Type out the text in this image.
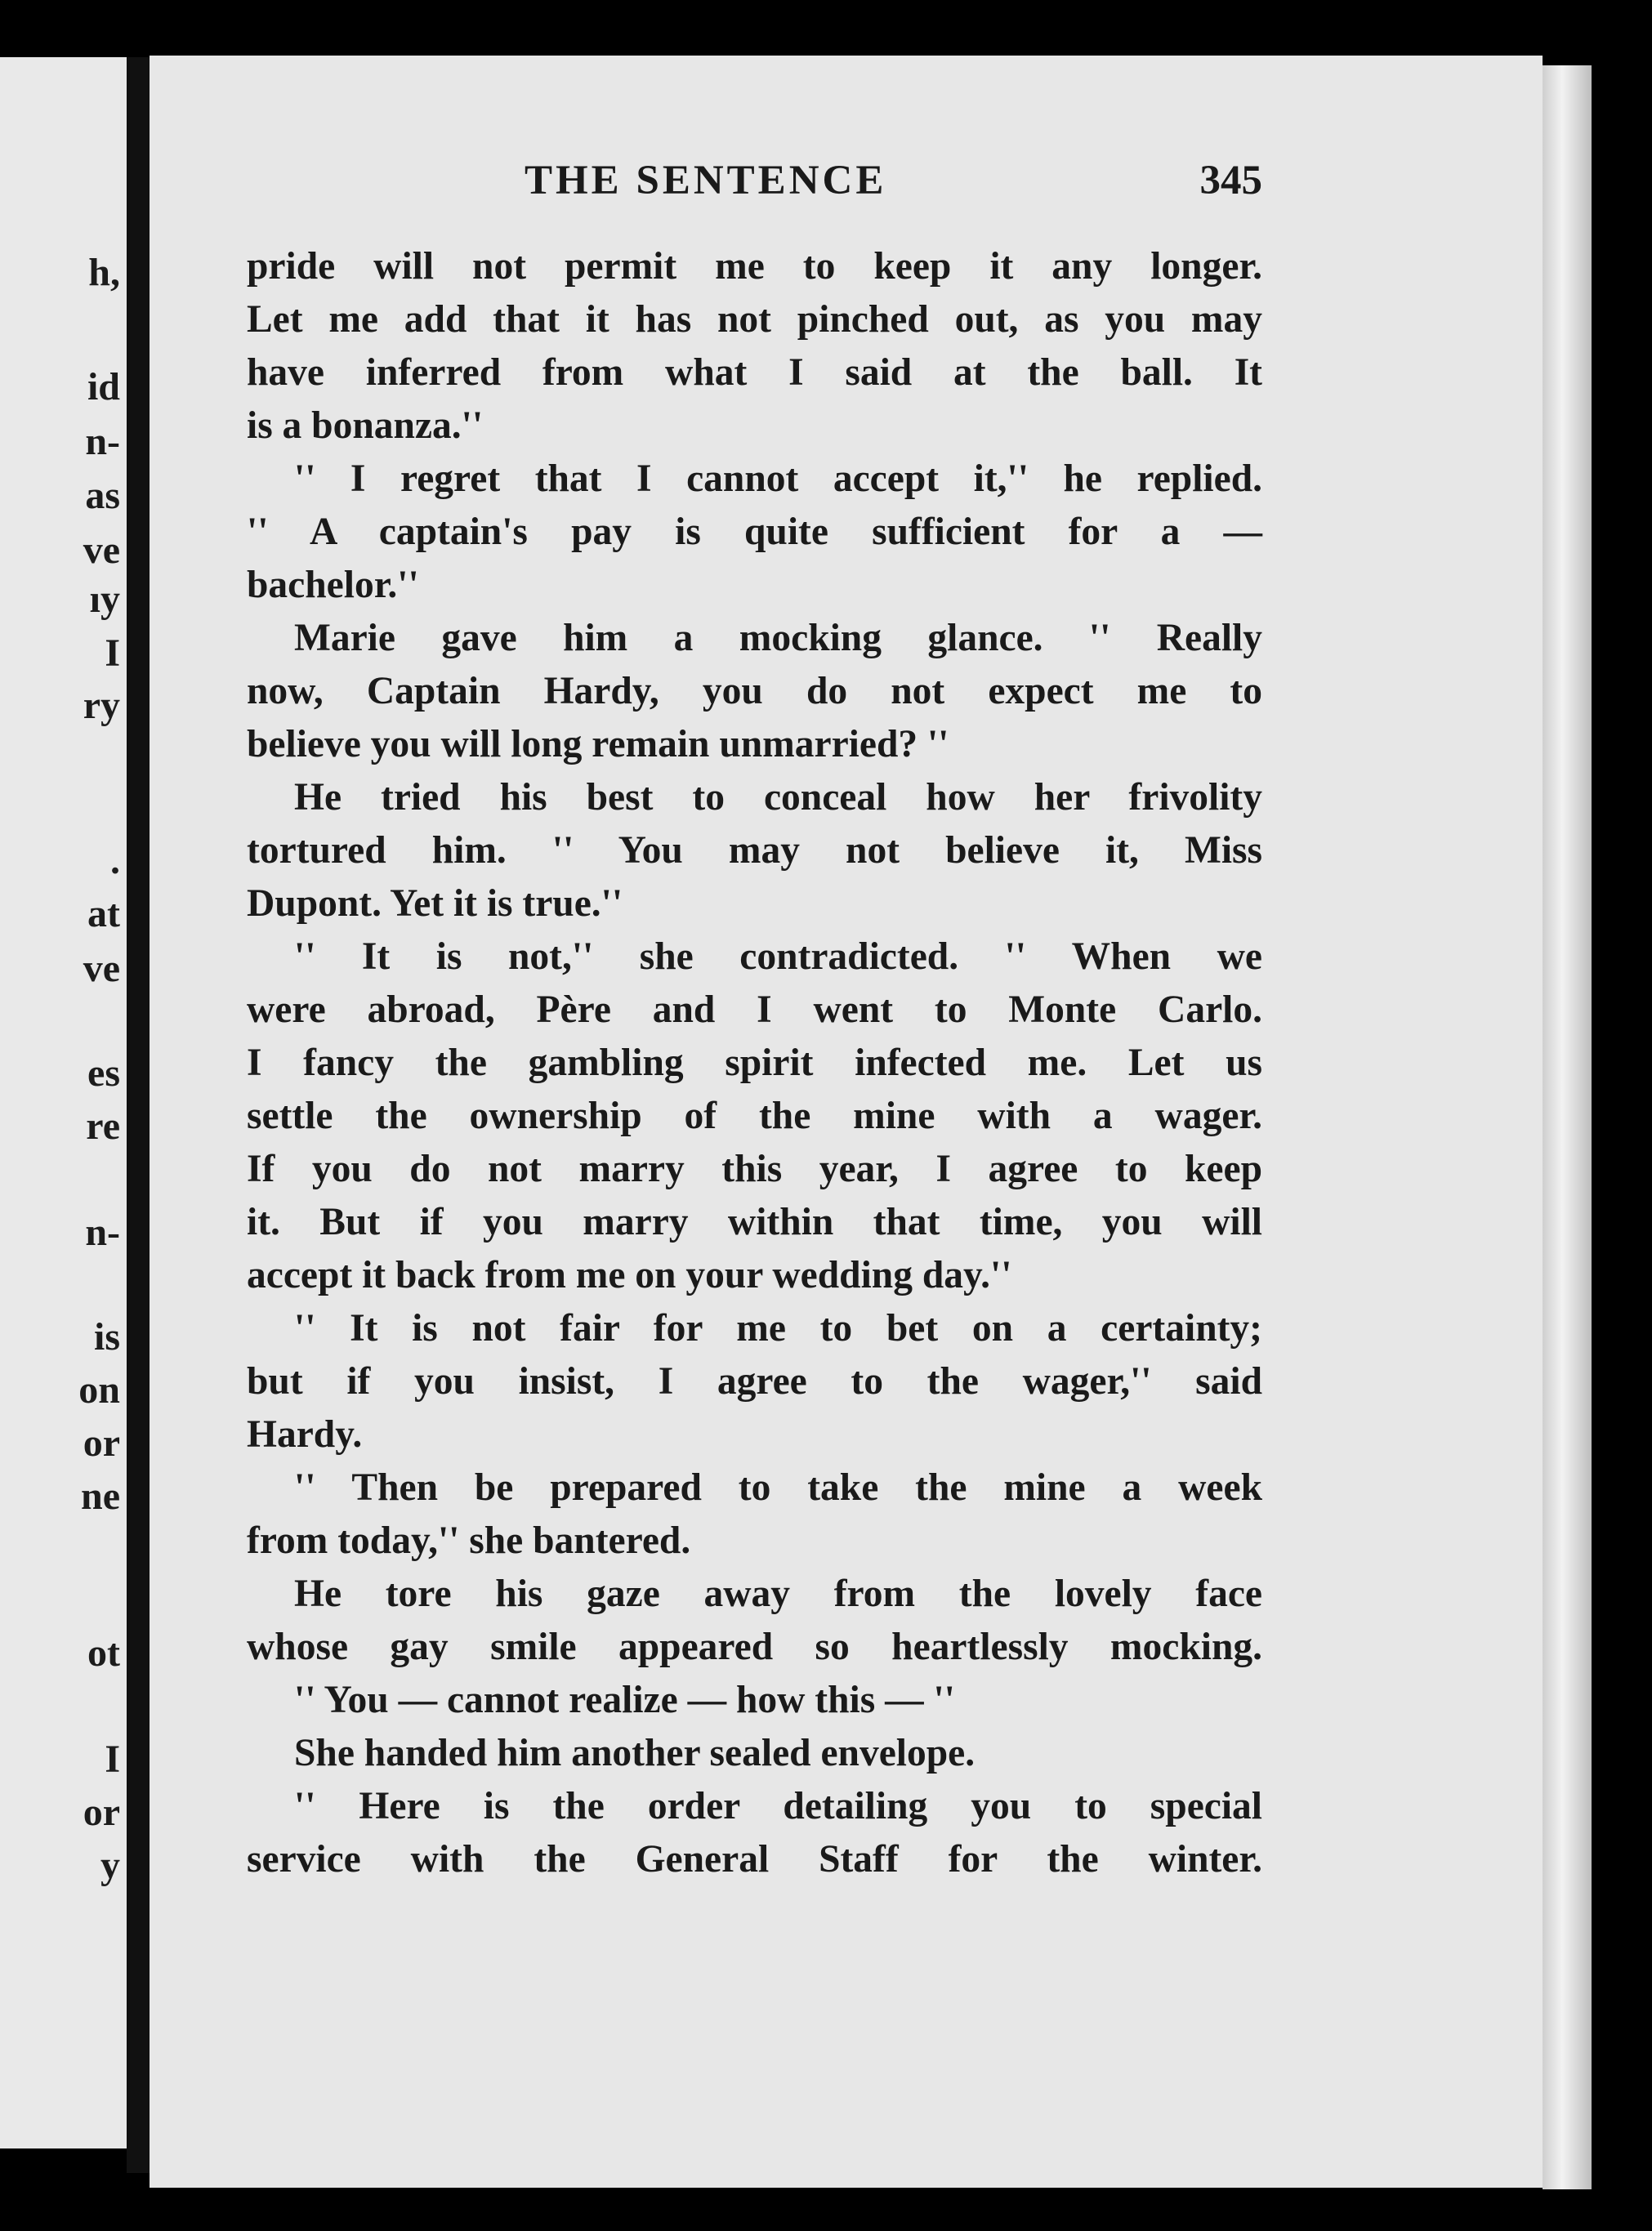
h,
id
n-
as
ve
ıy
I
ry
.
at
ve
es
re
n-
is
on
or
ne
ot
I
or
y
THE SENTENCE	345
pride will not permit me to keep it any longer.
Let me add that it has not pinched out, as you may
have inferred from what I said at the ball. It
is a bonanza.''
'' I regret that I cannot accept it,'' he replied.
'' A captain's pay is quite sufficient for a —
bachelor.''
Marie gave him a mocking glance. '' Really
now, Captain Hardy, you do not expect me to
believe you will long remain unmarried? ''
He tried his best to conceal how her frivolity
tortured him. '' You may not believe it, Miss
Dupont. Yet it is true.''
'' It is not,'' she contradicted. '' When we
were abroad, Père and I went to Monte Carlo.
I fancy the gambling spirit infected me. Let us
settle the ownership of the mine with a wager.
If you do not marry this year, I agree to keep
it. But if you marry within that time, you will
accept it back from me on your wedding day.''
'' It is not fair for me to bet on a certainty;
but if you insist, I agree to the wager,'' said
Hardy.
'' Then be prepared to take the mine a week
from today,'' she bantered.
He tore his gaze away from the lovely face
whose gay smile appeared so heartlessly mocking.
'' You — cannot realize — how this — ''
She handed him another sealed envelope.
'' Here is the order detailing you to special
service with the General Staff for the winter.
